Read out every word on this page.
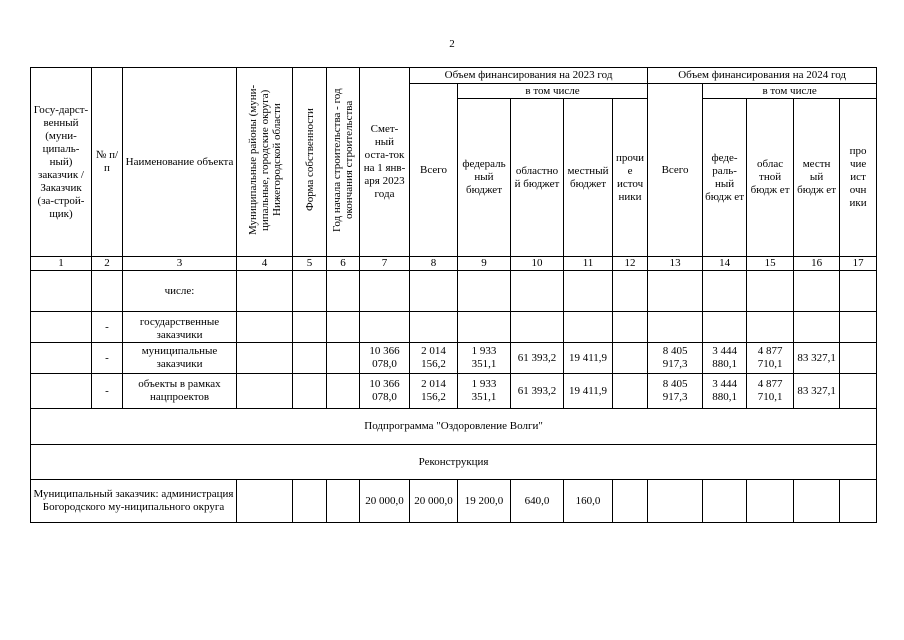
2
Госу-дарст-венный (муни-ципаль-ный) заказчик / Заказчик (за-строй-щик)	№ п/п	Наименование объекта	Муниципальные районы (муни-ципальные, городские округа) Нижегородской области	Форма собственности	Год начала строительства - год окончания строительства	Смет-ный оста-ток на 1 янв-аря 2023 года	Объем финансирования на 2023 год					Объем финансирования на 2024 год				
							Всего	в том числе				Всего	в том числе			
								федеральный бюджет	областной бюджет	местный бюджет	прочие источники		феде-раль-ный бюдж ет	облас тной бюдж ет	местн ый бюдж ет	про чие ист очн ики
1	2	3	4	5	6	7	8	9	10	11	12	13	14	15	16	17
		числе:														
	-	государственные заказчики														
	-	муниципальные заказчики				10 366 078,0	2 014 156,2	1 933 351,1	61 393,2	19 411,9		8 405 917,3	3 444 880,1	4 877 710,1	83 327,1	
	-	объекты в рамках нацпроектов				10 366 078,0	2 014 156,2	1 933 351,1	61 393,2	19 411,9		8 405 917,3	3 444 880,1	4 877 710,1	83 327,1	
Подпрограмма "Оздоровление Волги"																
Реконструкция																
Муниципальный заказчик: администрация Богородского му-ниципального округа						20 000,0	20 000,0	19 200,0	640,0	160,0						
